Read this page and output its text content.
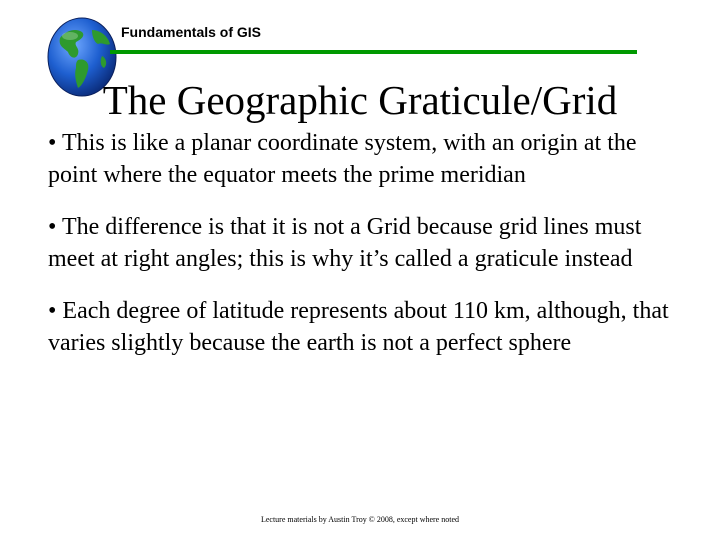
Fundamentals of GIS
The Geographic Graticule/Grid
• This is like a planar coordinate system, with an origin at the point where the equator meets the prime meridian
• The difference is that it is not a Grid because grid lines must meet at right angles; this is why it’s called a graticule instead
• Each degree of latitude represents about 110 km, although, that varies slightly because the earth is not a perfect sphere
Lecture materials by Austin Troy © 2008, except where noted
